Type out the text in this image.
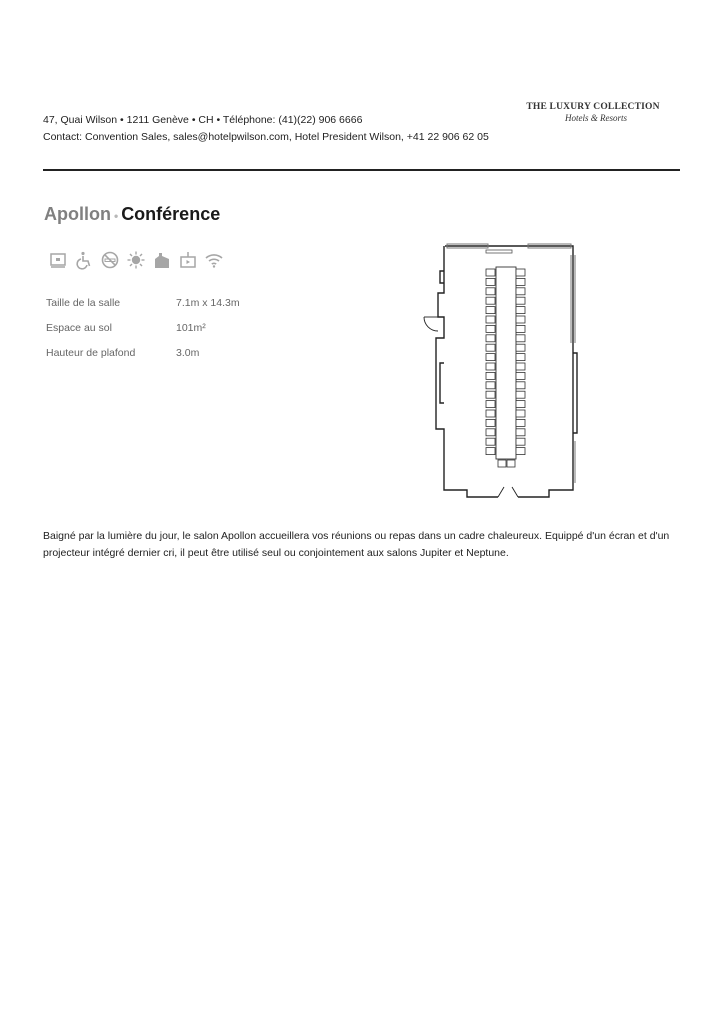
47, Quai Wilson • 1211 Genève • CH • Téléphone: (41)(22) 906 6666
Contact: Convention Sales, sales@hotelpwilson.com, Hotel President Wilson, +41 22 906 62 05
THE LUXURY COLLECTION
Hotels & Resorts
Apollon • Conférence
Taille de la salle	7.1m x 14.3m
Espace au sol	101m²
Hauteur de plafond	3.0m
Baigné par la lumière du jour, le salon Apollon accueillera vos réunions ou repas dans un cadre chaleureux. Equippé d'un écran et d'un projecteur intégré dernier cri, il peut être utilisé seul ou conjointement aux salons Jupiter et Neptune.
